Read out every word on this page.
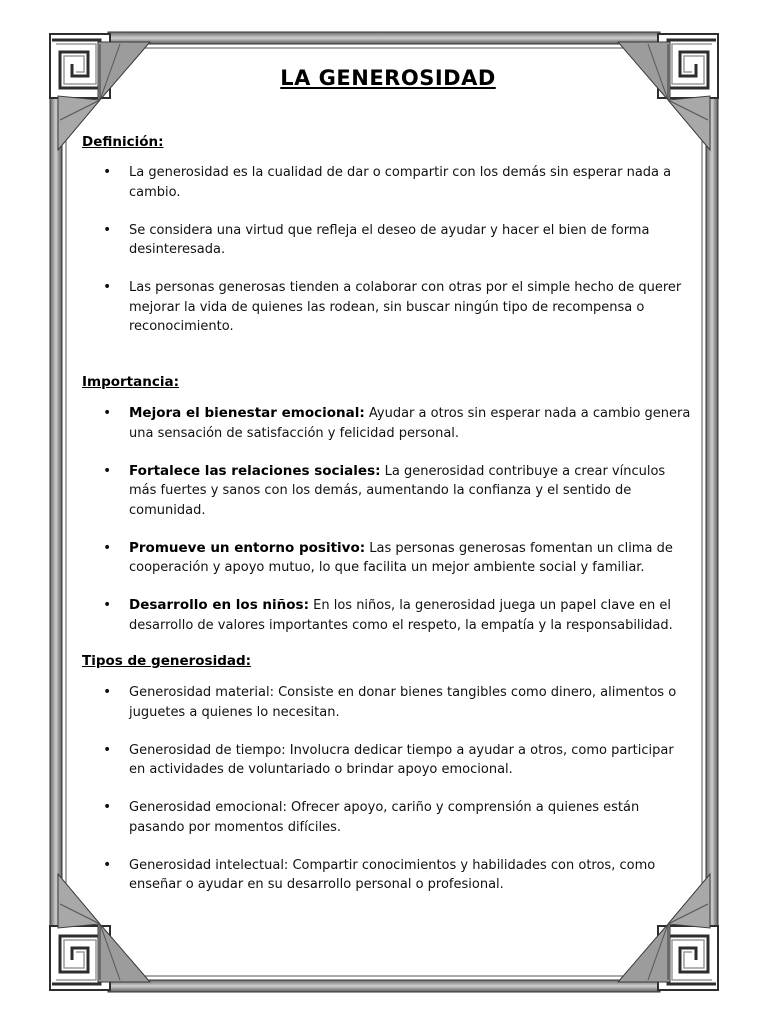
LA GENEROSIDAD
Definición:
• La generosidad es la cualidad de dar o compartir con los demás sin esperar nada a cambio.
• Se considera una virtud que refleja el deseo de ayudar y hacer el bien de forma desinteresada.
• Las personas generosas tienden a colaborar con otras por el simple hecho de querer mejorar la vida de quienes las rodean, sin buscar ningún tipo de recompensa o reconocimiento.
Importancia:
• Mejora el bienestar emocional: Ayudar a otros sin esperar nada a cambio genera una sensación de satisfacción y felicidad personal.
• Fortalece las relaciones sociales: La generosidad contribuye a crear vínculos más fuertes y sanos con los demás, aumentando la confianza y el sentido de comunidad.
• Promueve un entorno positivo: Las personas generosas fomentan un clima de cooperación y apoyo mutuo, lo que facilita un mejor ambiente social y familiar.
• Desarrollo en los niños: En los niños, la generosidad juega un papel clave en el desarrollo de valores importantes como el respeto, la empatía y la responsabilidad.
Tipos de generosidad:
• Generosidad material: Consiste en donar bienes tangibles como dinero, alimentos o juguetes a quienes lo necesitan.
• Generosidad de tiempo: Involucra dedicar tiempo a ayudar a otros, como participar en actividades de voluntariado o brindar apoyo emocional.
• Generosidad emocional: Ofrecer apoyo, cariño y comprensión a quienes están pasando por momentos difíciles.
• Generosidad intelectual: Compartir conocimientos y habilidades con otros, como enseñar o ayudar en su desarrollo personal o profesional.
